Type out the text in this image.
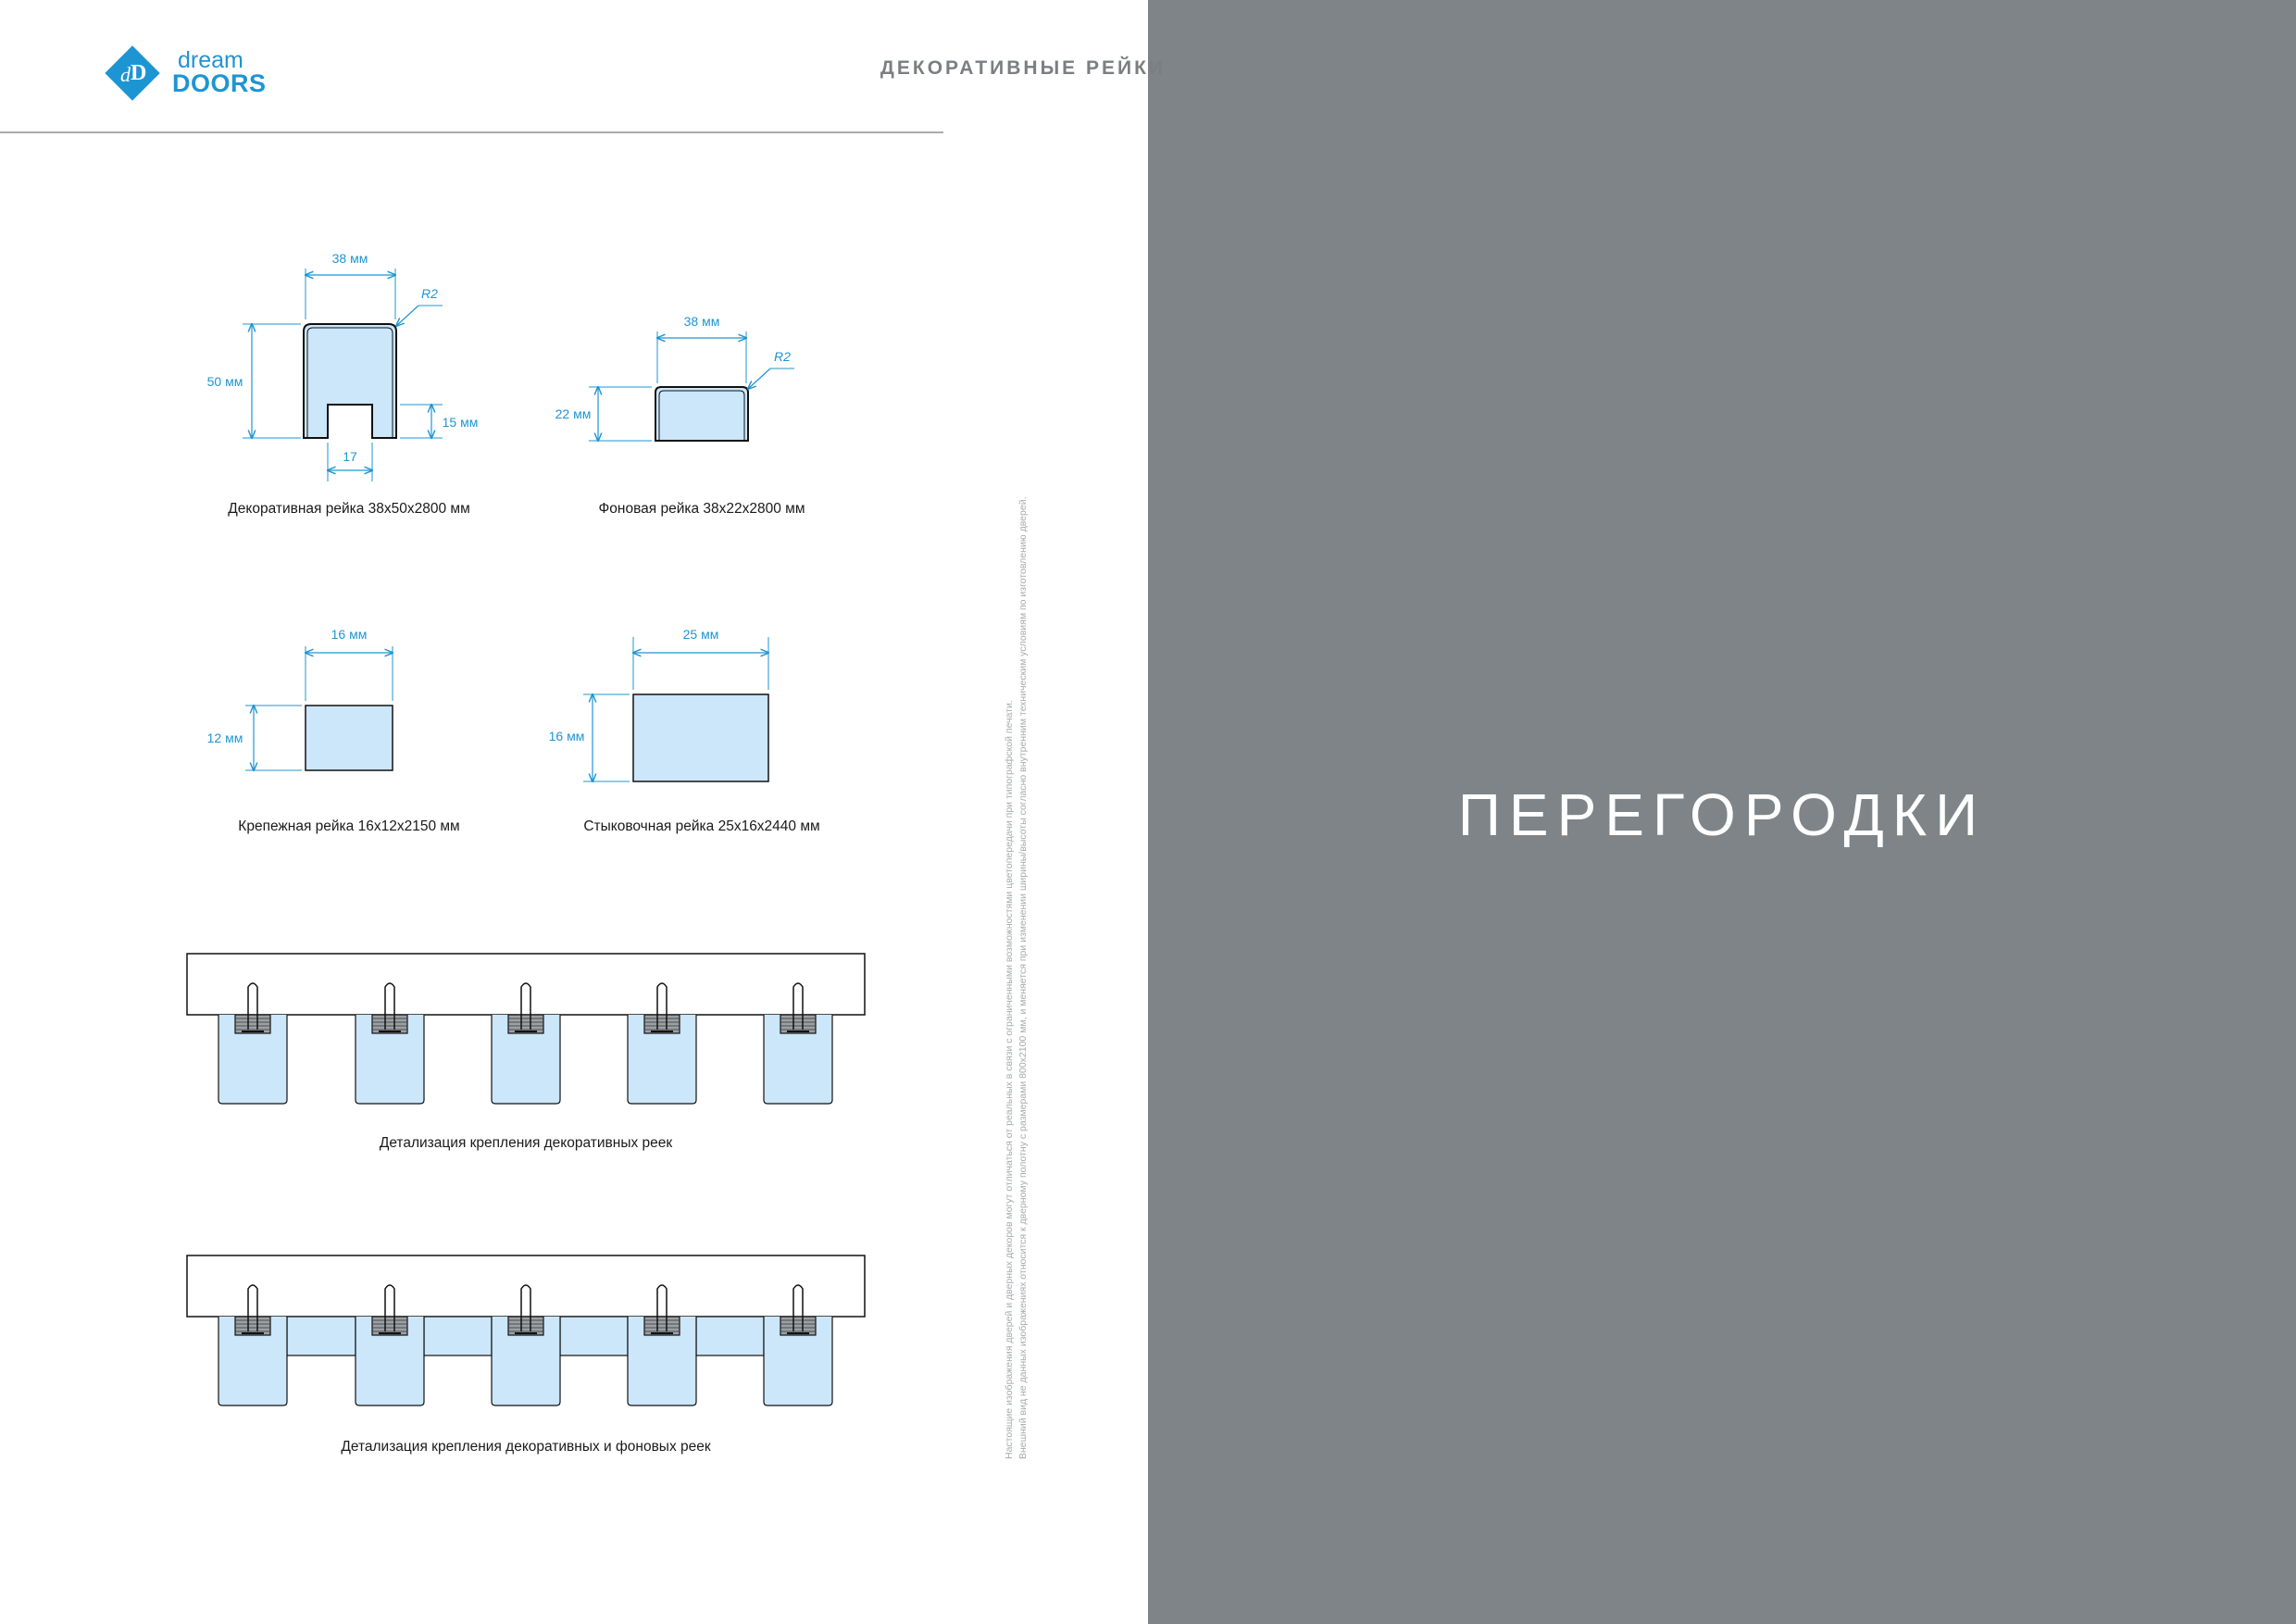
d D dream
DOORS
ДЕКОРАТИВНЫЕ РЕЙКИ
38 мм
50 мм
R2
15 мм
17
38 мм
22 мм
R2
16 мм
12 мм
25 мм
16 мм
Декоративная рейка 38х50х2800 мм	Фоновая рейка 38х22х2800 мм
Крепежная рейка 16х12х2150 мм	Стыковочная рейка 25х16х2440 мм
Детализация крепления декоративных реек
Детализация крепления декоративных и фоновых реек	Настоящие изображения дверей и дверных декоров могут отличаться от реальных в связи с ограниченными возможностями цветопередачи при типографской печати. Внешний вид не данных изображениях относится к дверному полотну с размерами 800х2100 мм, и меняется при изменении ширины/высоты согласно внутренним техническим условиям по изготовлению дверей.	ПЕРЕГОРОДКИ
